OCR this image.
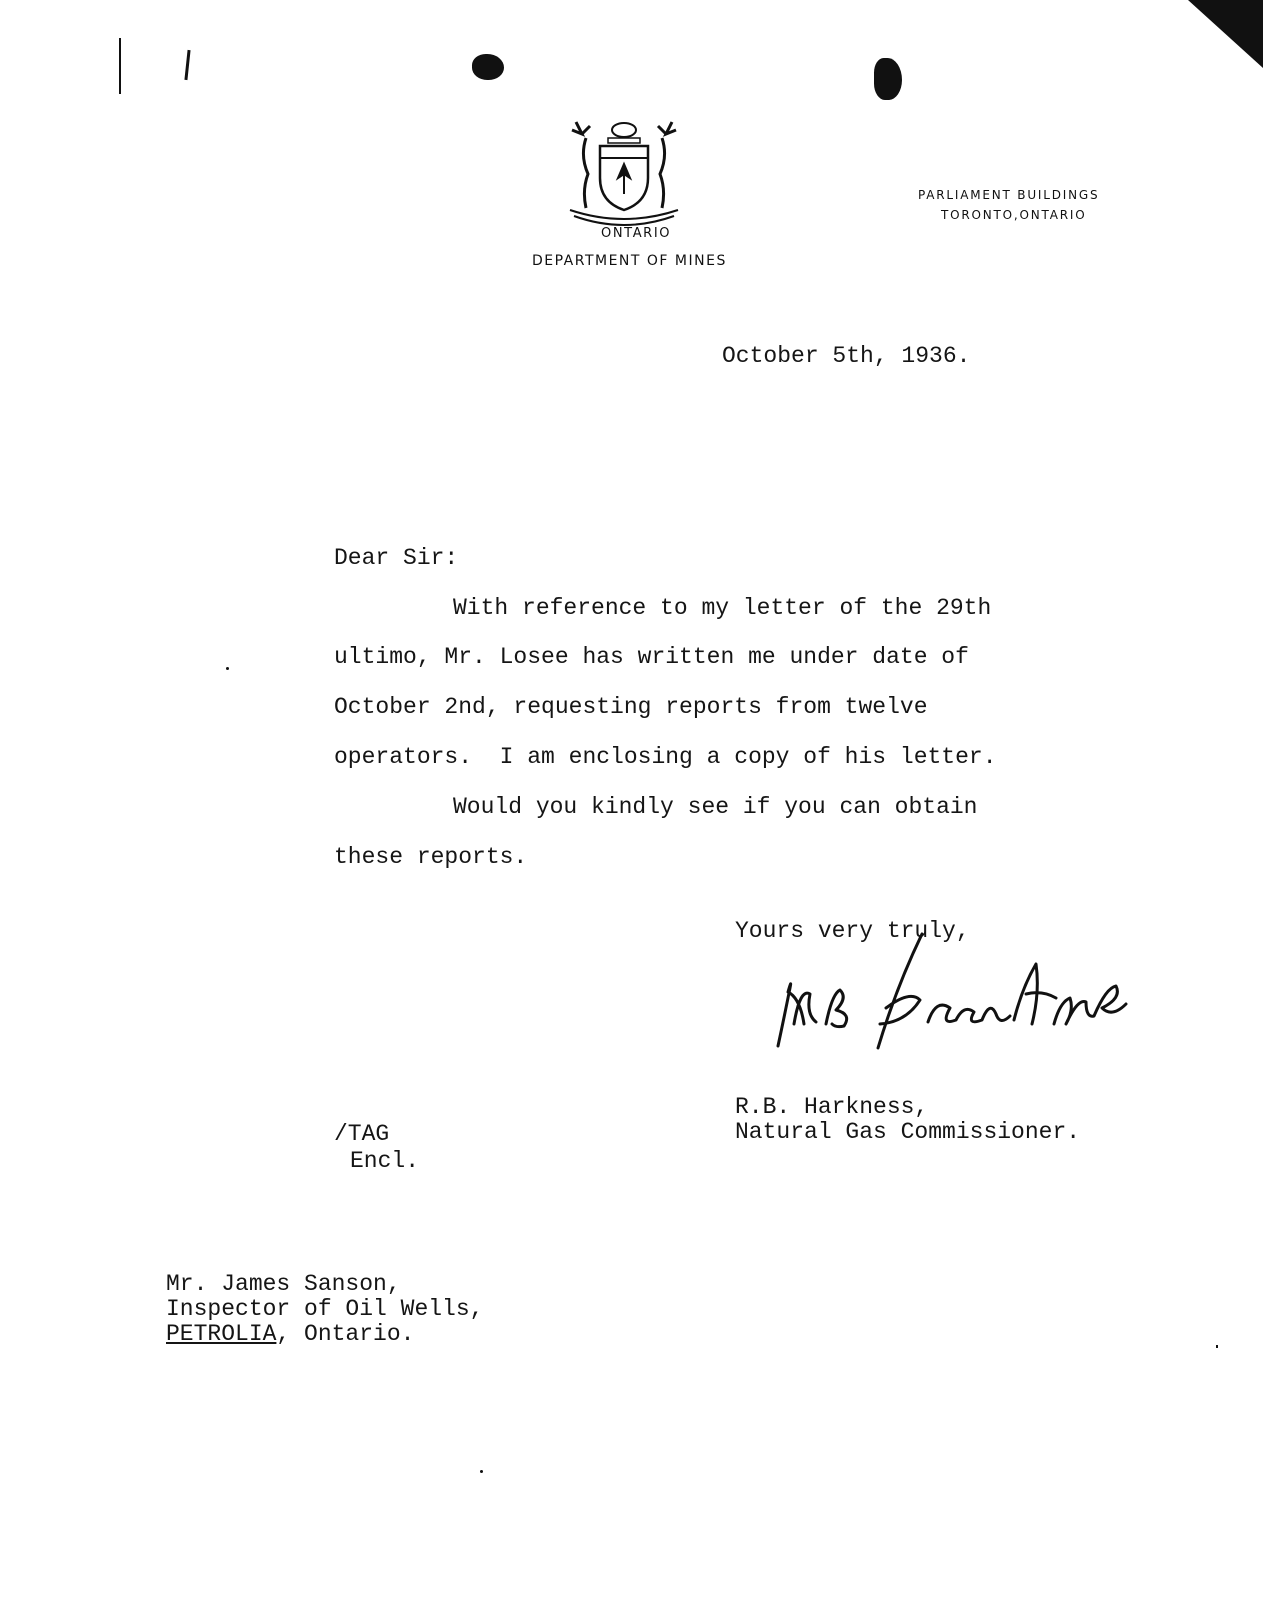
ONTARIO
DEPARTMENT OF MINES
PARLIAMENT BUILDINGS
TORONTO,ONTARIO
October 5th, 1936.
Dear Sir:
With reference to my letter of the 29th
ultimo, Mr. Losee has written me under date of
October 2nd, requesting reports from twelve
operators.  I am enclosing a copy of his letter.
Would you kindly see if you can obtain
these reports.
Yours very truly,
R.B. Harkness,
Natural Gas Commissioner.
/TAG
Encl.
Mr. James Sanson,
Inspector of Oil Wells,
PETROLIA, Ontario.
